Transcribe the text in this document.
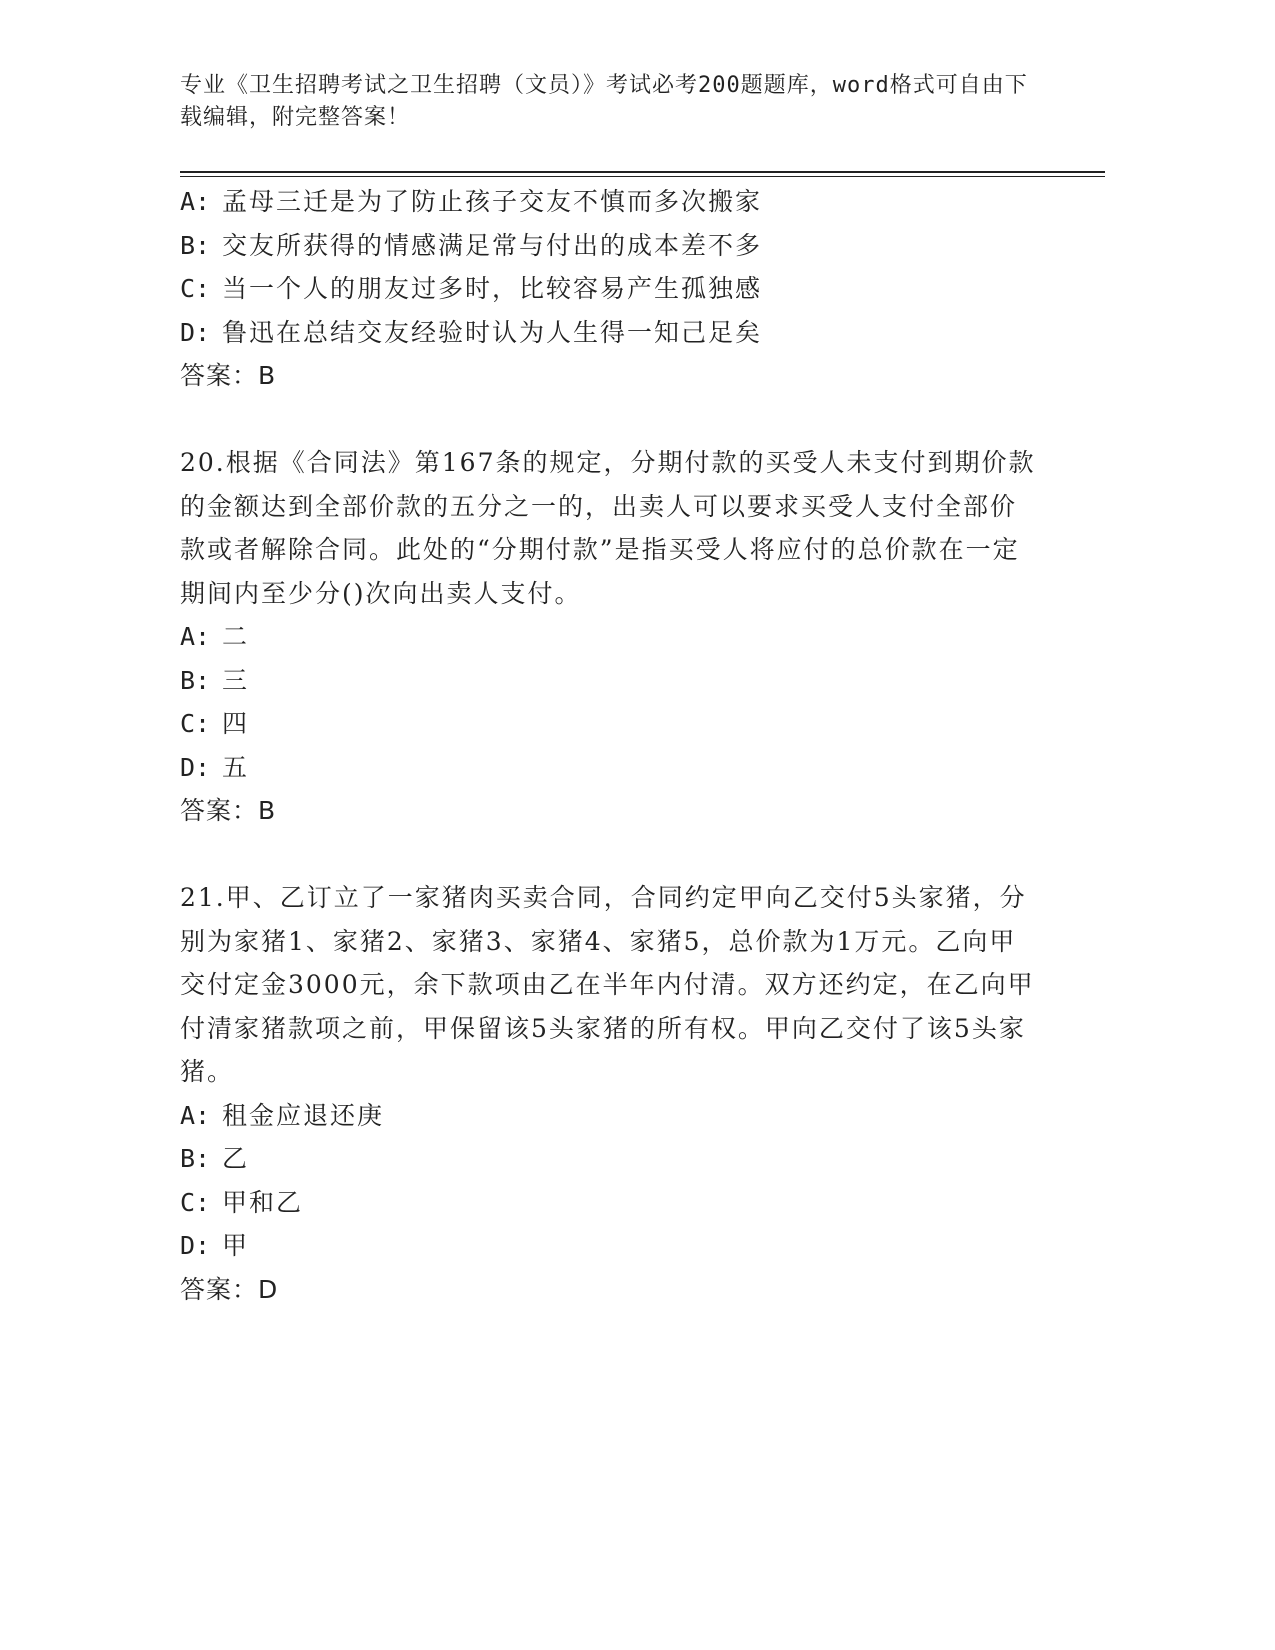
专业《卫生招聘考试之卫生招聘（文员）》考试必考200题题库，word格式可自由下载编辑，附完整答案！
A: 孟母三迁是为了防止孩子交友不慎而多次搬家
B: 交友所获得的情感满足常与付出的成本差不多
C: 当一个人的朋友过多时，比较容易产生孤独感
D: 鲁迅在总结交友经验时认为人生得一知己足矣
答案：B
20.根据《合同法》第167条的规定，分期付款的买受人未支付到期价款的金额达到全部价款的五分之一的，出卖人可以要求买受人支付全部价款或者解除合同。此处的“分期付款”是指买受人将应付的总价款在一定期间内至少分()次向出卖人支付。
A: 二
B: 三
C: 四
D: 五
答案：B
21.甲、乙订立了一家猪肉买卖合同，合同约定甲向乙交付5头家猪，分别为家猪1、家猪2、家猪3、家猪4、家猪5，总价款为1万元。乙向甲交付定金3000元，余下款项由乙在半年内付清。双方还约定，在乙向甲付清家猪款项之前，甲保留该5头家猪的所有权。甲向乙交付了该5头家猪。
A: 租金应退还庚
B: 乙
C: 甲和乙
D: 甲
答案：D
